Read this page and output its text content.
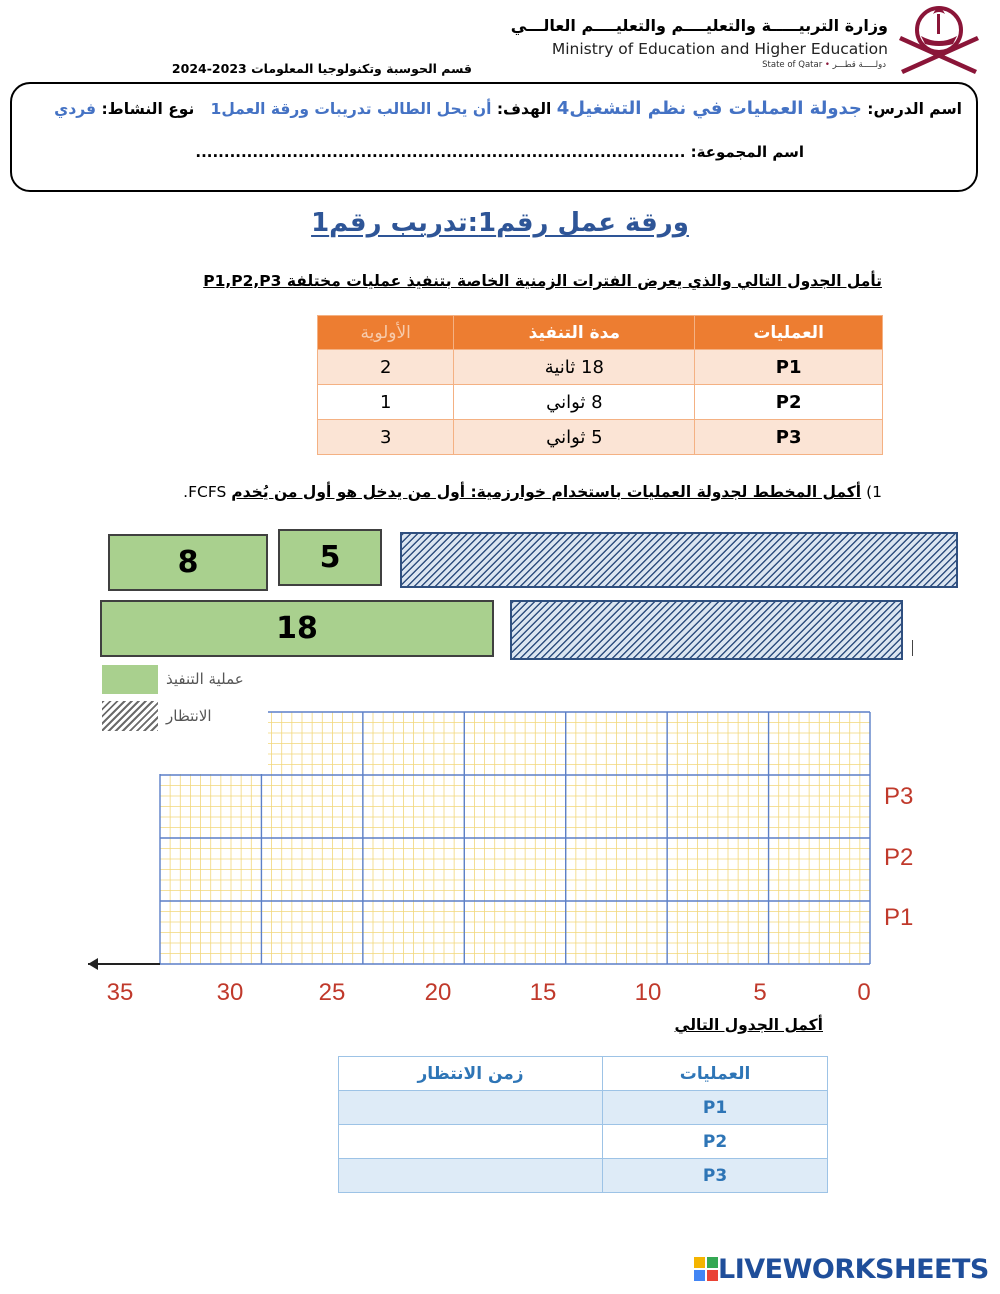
وزارة التربيـــــة والتعليــــم والتعليــــم العالـــي
Ministry of Education and Higher Education
State of Qatar • دولـــــة قطـــر
قسم الحوسبة وتكنولوجيا المعلومات 2023-2024
اسم الدرس: جدولة العمليات في نظم التشغيل4 الهدف: أن يحل الطالب تدريبات ورقة العمل1   نوع النشاط: فردي
اسم المجموعة: ......................................................................................
ورقة عمل رقم1:تدريب رقم1
تأمل الجدول التالي والذي يعرض الفترات الزمنية الخاصة بتنفيذ عمليات مختلفة P1,P2,P3
العمليات	مدة التنفيذ	الأولوية
P1	18 ثانية	2
P2	8 ثواني	1
P3	5 ثواني	3
1) أكمل المخطط لجدولة العمليات باستخدام خوارزمية: أول من يدخل هو أول من يُخدم FCFS.
8	5
18
35	30	25	20	15	10	5	0
P3
P2
P1
عملية التنفيذ
الانتظار
أكمل الجدول التالي
العمليات	زمن الانتظار
P1	
P2	
P3	
LIVEWORKSHEETS
